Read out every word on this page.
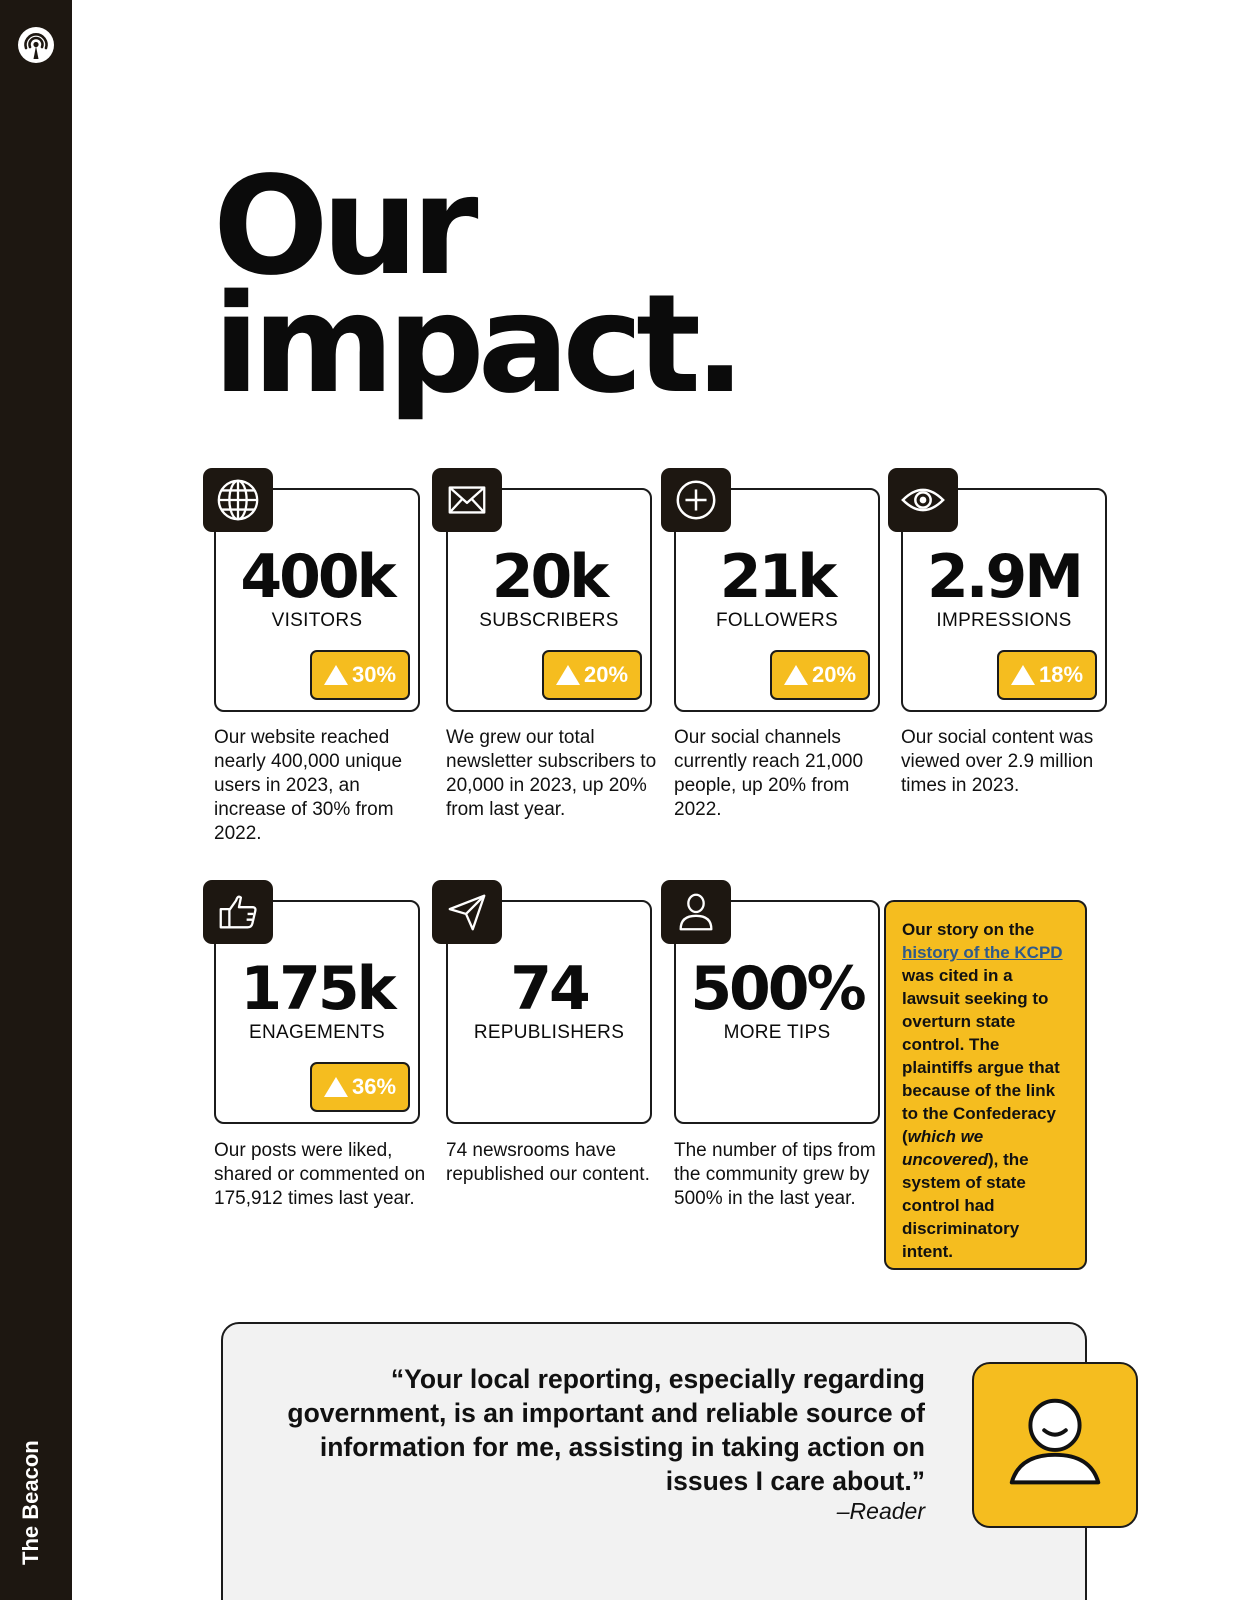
The Beacon
Our
impact.
400k
VISITORS
30%
Our website reached nearly 400,000 unique users in 2023, an increase of 30% from 2022.
20k
SUBSCRIBERS
20%
We grew our total newsletter subscribers to 20,000 in 2023, up 20% from last year.
21k
FOLLOWERS
20%
Our social channels currently reach 21,000 people, up 20% from 2022.
2.9M
IMPRESSIONS
18%
Our social content was viewed over 2.9 million times in 2023.
175k
ENAGEMENTS
36%
Our posts were liked, shared or commented on 175,912 times last year.
74
REPUBLISHERS
74 newsrooms have republished our content.
500%
MORE TIPS
The number of tips from the community grew by 500% in the last year.
Our story on the history of the KCPD was cited in a lawsuit seeking to overturn state control. The plaintiffs argue that because of the link to the Confederacy (which we uncovered), the system of state control had discriminatory intent.
“Your local reporting, especially regarding government, is an important and reliable source of information for me, assisting in taking action on issues I care about.”
–Reader
